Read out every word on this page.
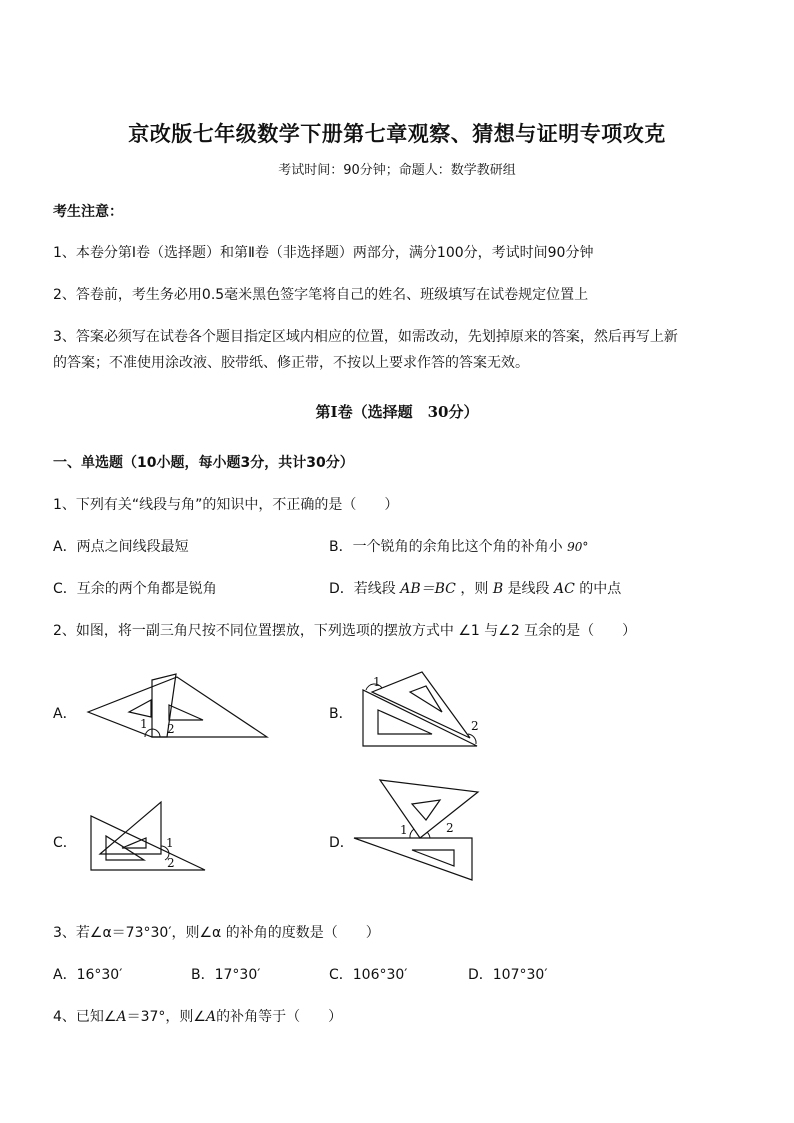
京改版七年级数学下册第七章观察、猜想与证明专项攻克
考试时间：90分钟；命题人：数学教研组
考生注意：
1、本卷分第Ⅰ卷（选择题）和第Ⅱ卷（非选择题）两部分，满分100分，考试时间90分钟
2、答卷前，考生务必用0.5毫米黑色签字笔将自己的姓名、班级填写在试卷规定位置上
3、答案必须写在试卷各个题目指定区域内相应的位置，如需改动，先划掉原来的答案，然后再写上新
的答案；不准使用涂改液、胶带纸、修正带，不按以上要求作答的答案无效。
第Ⅰ卷（选择题　30分）
一、单选题（10小题，每小题3分，共计30分）
1、下列有关“线段与角”的知识中，不正确的是（　　）
A．两点之间线段最短	B．一个锐角的余角比这个角的补角小 90°
C．互余的两个角都是锐角	D．若线段 AB＝BC ，则 B 是线段 AC 的中点
2、如图，将一副三角尺按不同位置摆放，下列选项的摆放方式中 ∠1 与∠2 互余的是（　　）
A．
1 2
B．
1
2
C．	1
2
D．
1	2
3、若∠α＝73°30′，则∠α 的补角的度数是（　　）
A．16°30′	B．17°30′	C．106°30′	D．107°30′
4、已知∠A＝37°，则∠A的补角等于（　　）
